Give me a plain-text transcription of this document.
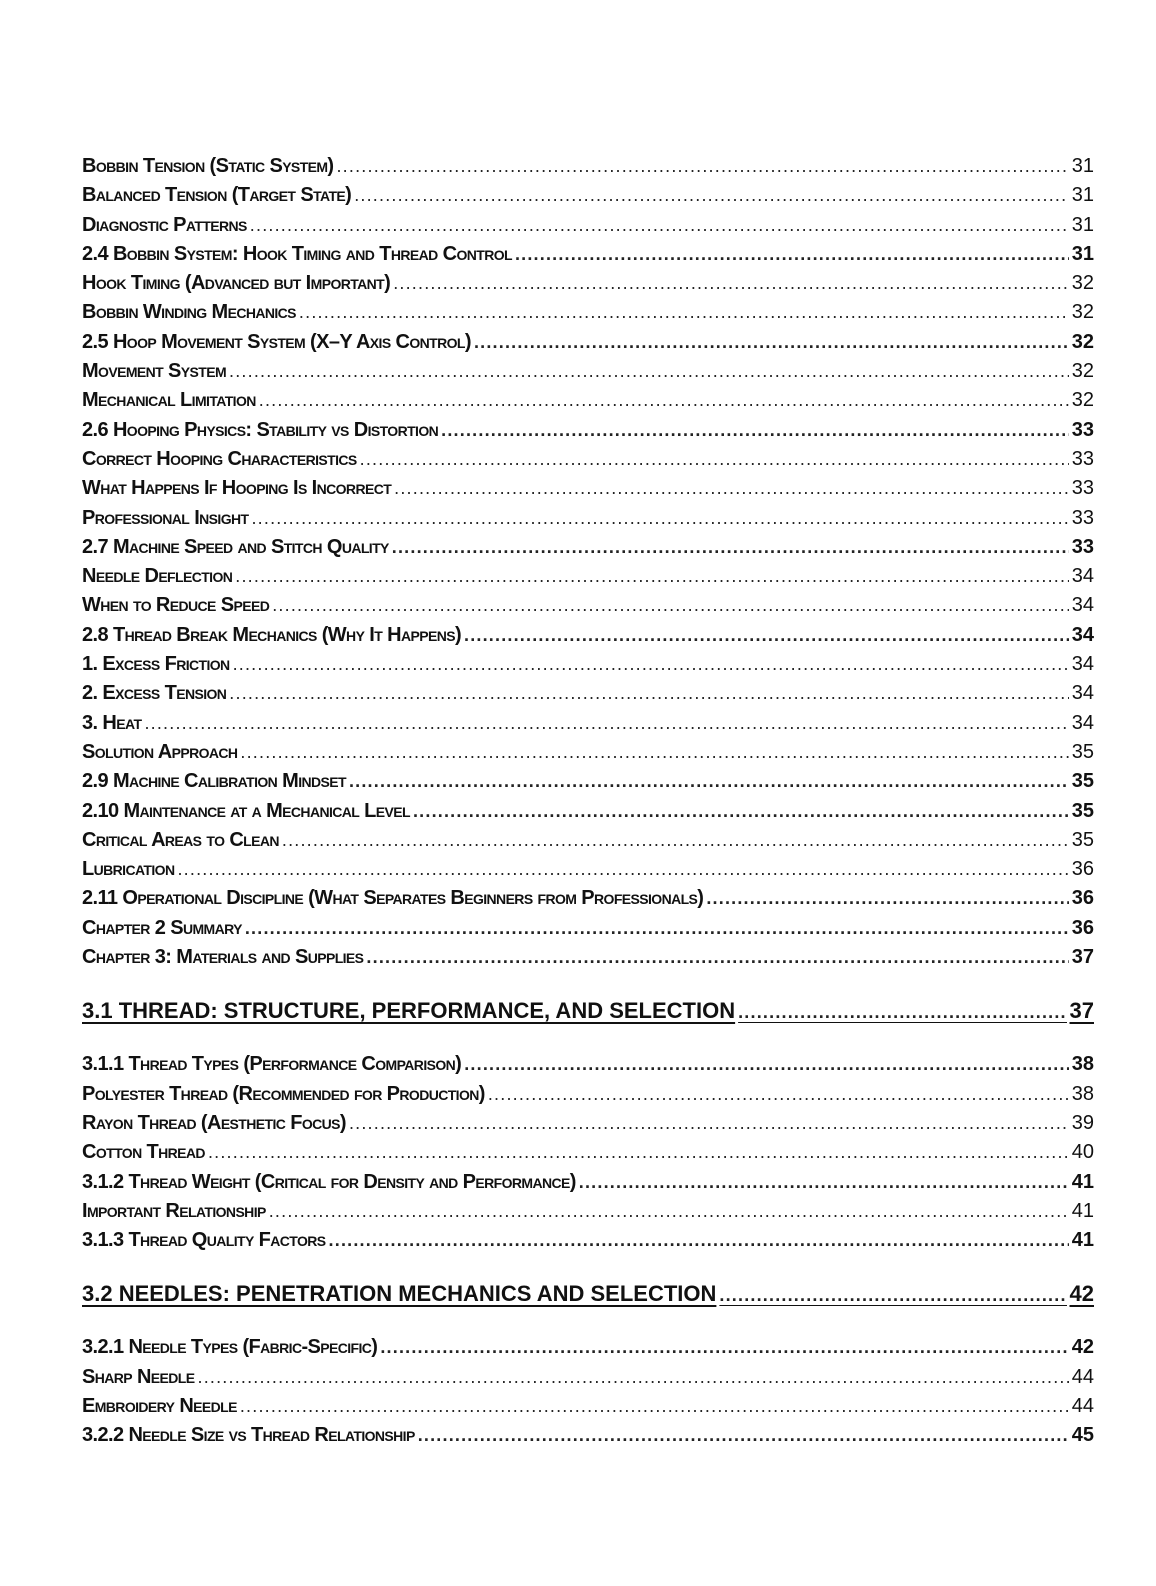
Bobbin Tension (Static System) .....	31
Balanced Tension (Target State) .....	31
Diagnostic Patterns .....	31
2.4 Bobbin System: Hook Timing and Thread Control .....	31
Hook Timing (Advanced but Important) .....	32
Bobbin Winding Mechanics .....	32
2.5 Hoop Movement System (X–Y Axis Control) .....	32
Movement System .....	32
Mechanical Limitation .....	32
2.6 Hooping Physics: Stability vs Distortion .....	33
Correct Hooping Characteristics .....	33
What Happens If Hooping Is Incorrect .....	33
Professional Insight .....	33
2.7 Machine Speed and Stitch Quality .....	33
Needle Deflection .....	34
When to Reduce Speed .....	34
2.8 Thread Break Mechanics (Why It Happens) .....	34
1. Excess Friction .....	34
2. Excess Tension .....	34
3. Heat .....	34
Solution Approach .....	35
2.9 Machine Calibration Mindset .....	35
2.10 Maintenance at a Mechanical Level .....	35
Critical Areas to Clean .....	35
Lubrication .....	36
2.11 Operational Discipline (What Separates Beginners from Professionals) .....	36
Chapter 2 Summary .....	36
Chapter 3: Materials and Supplies .....	37
3.1 THREAD: STRUCTURE, PERFORMANCE, AND SELECTION .....	37
3.1.1 Thread Types (Performance Comparison) .....	38
Polyester Thread (Recommended for Production) .....	38
Rayon Thread (Aesthetic Focus) .....	39
Cotton Thread .....	40
3.1.2 Thread Weight (Critical for Density and Performance) .....	41
Important Relationship .....	41
3.1.3 Thread Quality Factors .....	41
3.2 NEEDLES: PENETRATION MECHANICS AND SELECTION .....	42
3.2.1 Needle Types (Fabric-Specific) .....	42
Sharp Needle .....	44
Embroidery Needle .....	44
3.2.2 Needle Size vs Thread Relationship .....	45
